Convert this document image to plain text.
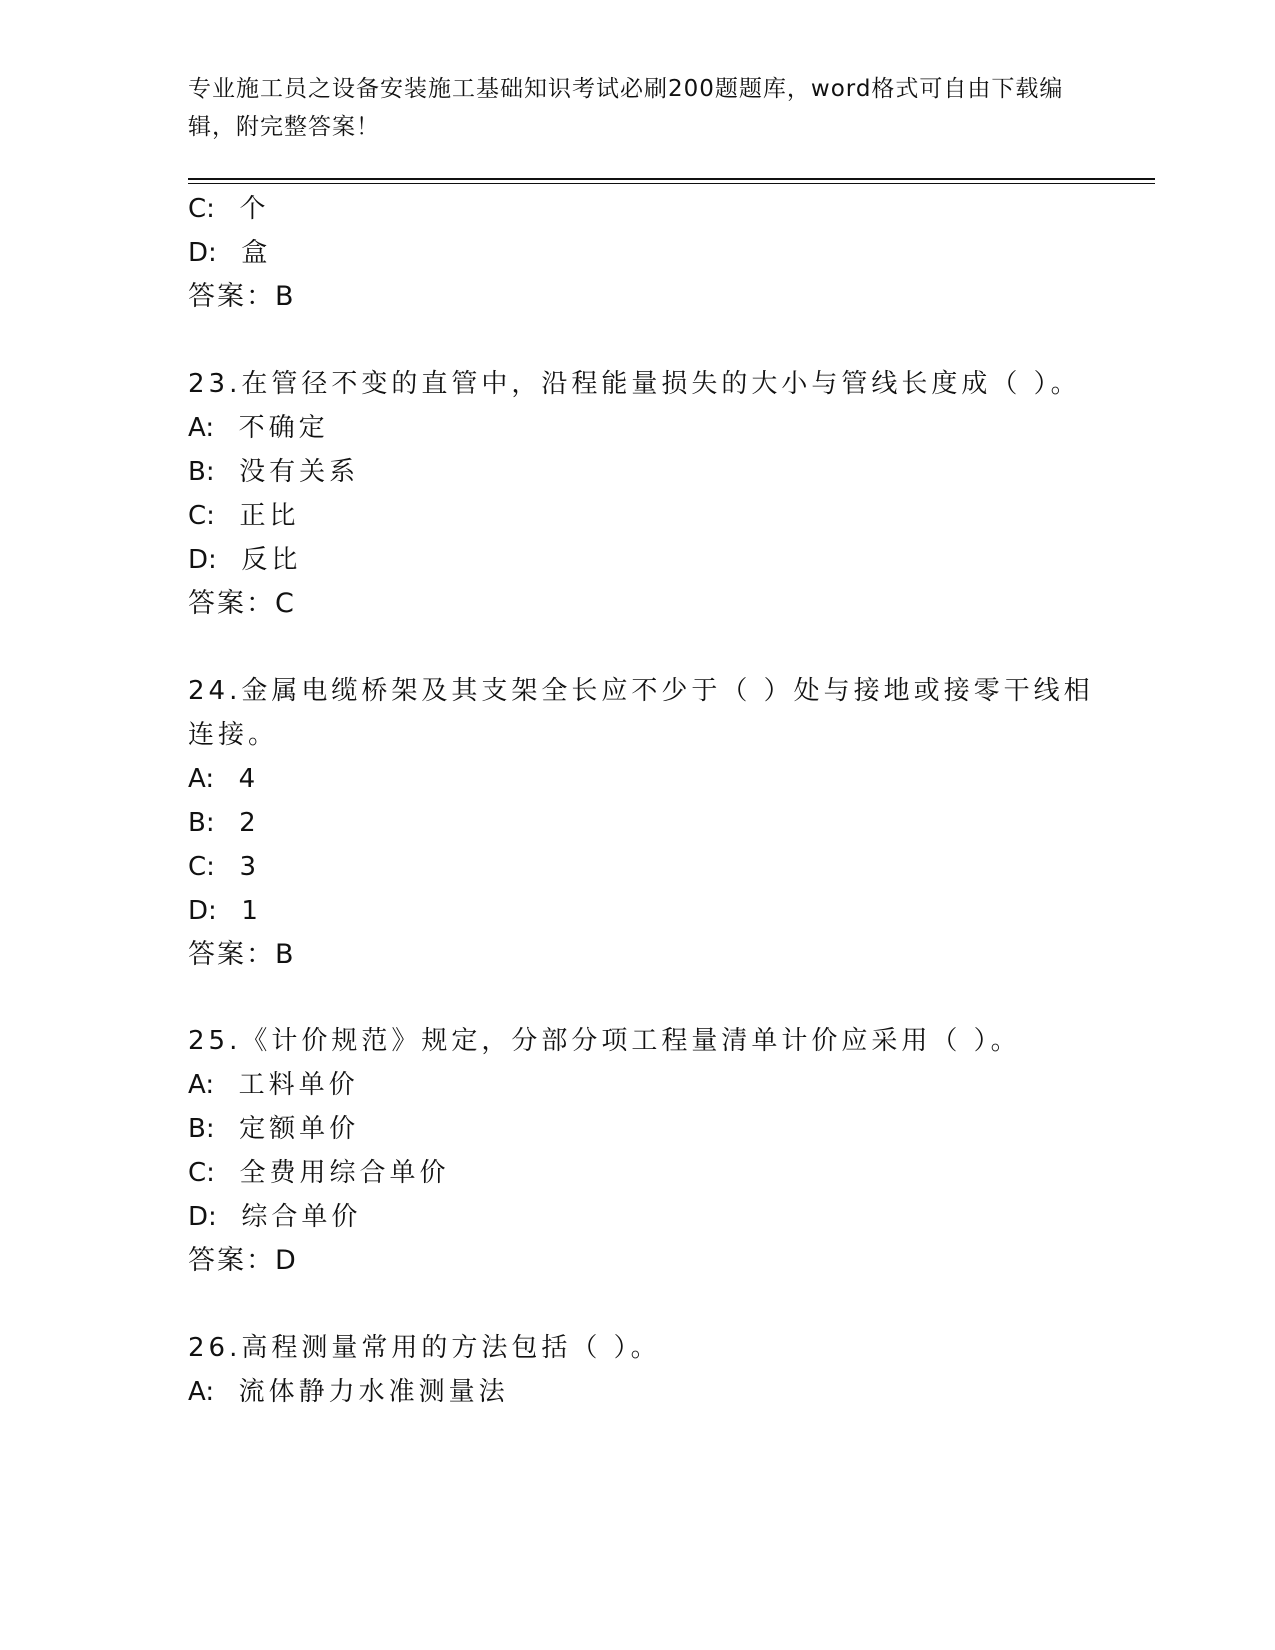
专业施工员之设备安装施工基础知识考试必刷200题题库，word格式可自由下载编辑，附完整答案！
C: 个
D: 盒
答案：B
23.在管径不变的直管中，沿程能量损失的大小与管线长度成（ ）。
A: 不确定
B: 没有关系
C: 正比
D: 反比
答案：C
24.金属电缆桥架及其支架全长应不少于（ ）处与接地或接零干线相
连接。
A: 4
B: 2
C: 3
D: 1
答案：B
25.《计价规范》规定，分部分项工程量清单计价应采用（ ）。
A: 工料单价
B: 定额单价
C: 全费用综合单价
D: 综合单价
答案：D
26.高程测量常用的方法包括（ ）。
A: 流体静力水准测量法
